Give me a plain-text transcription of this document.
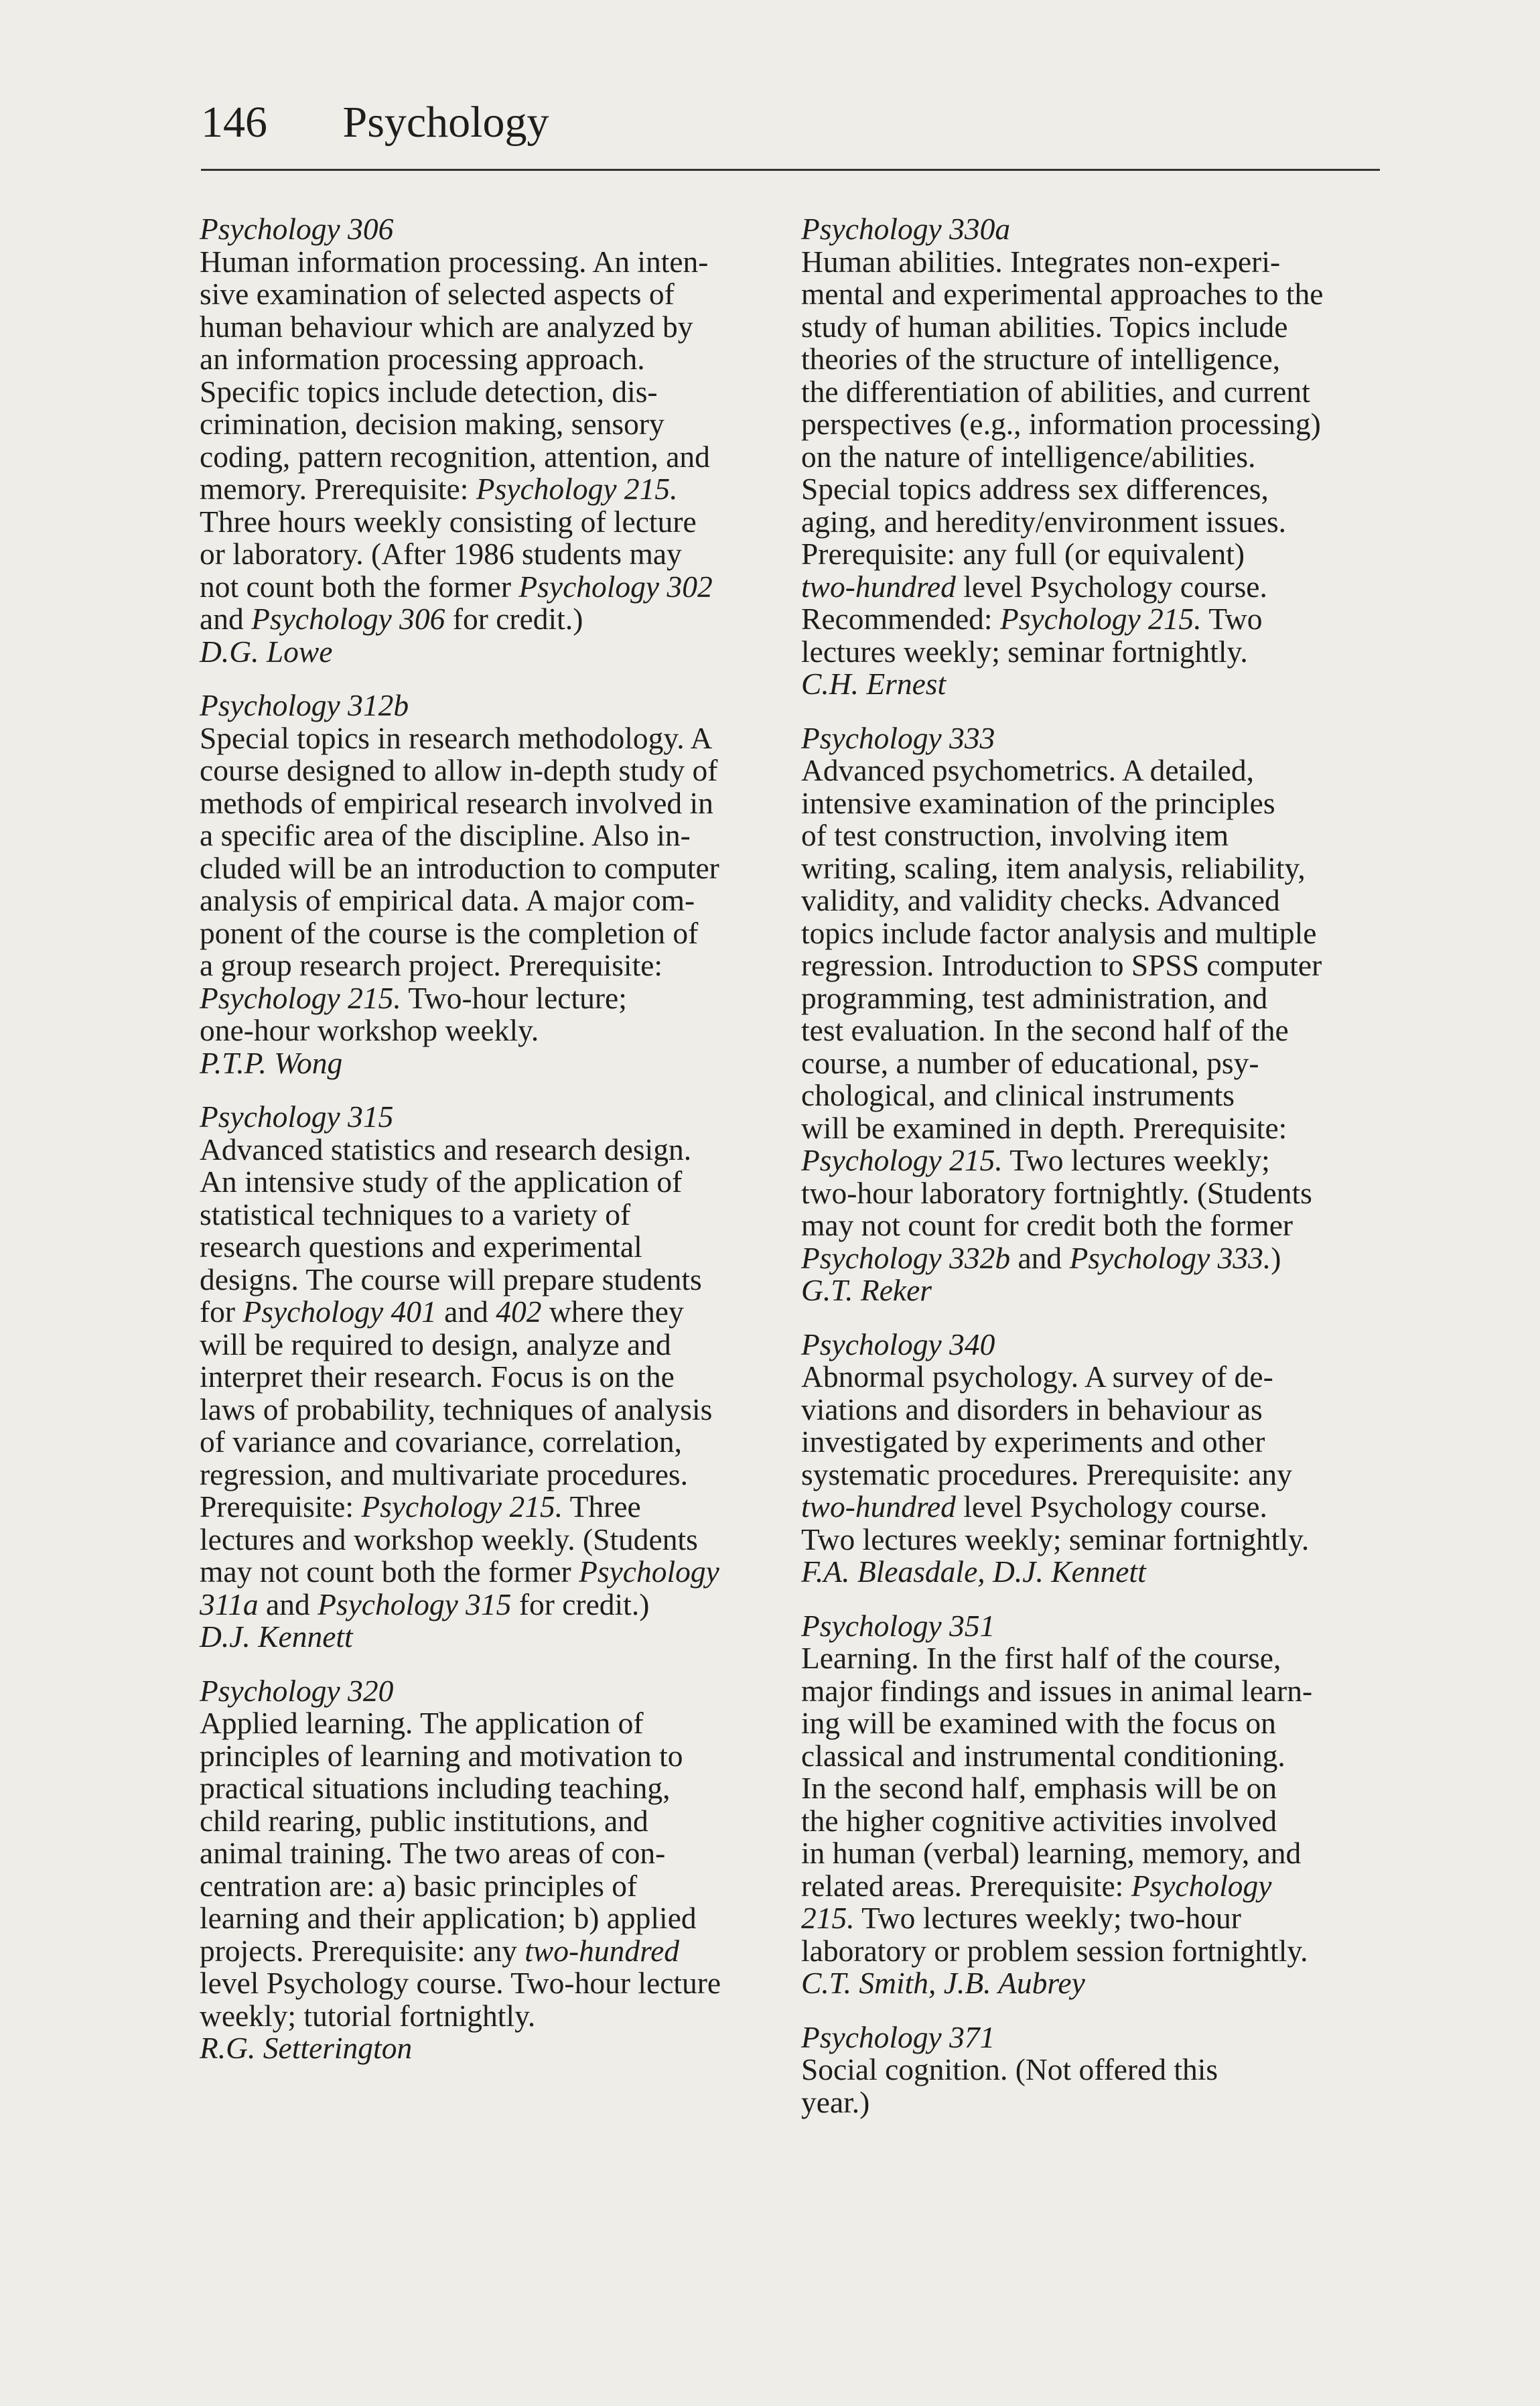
146 Psychology

Psychology 306

Human information processing. An inten-
sive examination of selected aspects of
human behaviour which are analyzed by
an information processing approach.
Specific topics include detection, dis-
crimination, decision making, sensory
coding, pattern recognition, attention, and
memory. Prerequisite: Psychology 215.
Three hours weekly consisting of lecture
or laboratory. (After 1986 students may
not count both the former Psychology 302
and Psychology 306 for credit.)

D.G. Lowe

Psychology 312b

Special topics in research methodology. A
course designed to allow in-depth study of
methods of empirical research involved in
a specific area of the discipline. Also in-
cluded will be an introduction to computer
analysis of empirical data. A major com-
ponent of the course is the completion of
a group research project. Prerequisite:
Psychology 215. Two-hour lecture;
one-hour workshop weekly.

P.T.P. Wong

Psychology 315

Advanced statistics and research design.
An intensive study of the application of
statistical techniques to a variety of
research questions and experimental
designs. The course will prepare students
for Psychology 401 and 402 where they
will be required to design, analyze and
interpret their research. Focus is on the
laws of probability, techniques of analysis
of variance and covariance, correlation,
regression, and multivariate procedures.
Prerequisite: Psychology 215. Three
lectures and workshop weekly. (Students
may not count both the former Psychology
311a and Psychology 315 for credit.)

D.J. Kennett

Psychology 320

Applied learning. The application of
principles of learning and motivation to
practical situations including teaching,
child rearing, public institutions, and
animal training. The two areas of con-
centration are: a) basic principles of
learning and their application; b) applied
projects. Prerequisite: any two-hundred
level Psychology course. Two-hour lecture
weekly; tutorial fortnightly.

R.G. Setterington

Psychology 330a

Human abilities. Integrates non-experi-
mental and experimental approaches to the
study of human abilities. Topics include
theories of the structure of intelligence,
the differentiation of abilities, and current
perspectives (e.g., information processing)
on the nature of intelligence/abilities.
Special topics address sex differences,
aging, and heredity/environment issues.
Prerequisite: any full (or equivalent)
two-hundred level Psychology course.
Recommended: Psychology 215. Two
lectures weekly; seminar fortnightly.

C.H. Ernest

Psychology 333

Advanced psychometrics. A detailed,
intensive examination of the principles
of test construction, involving item
writing, scaling, item analysis, reliability,
validity, and validity checks. Advanced
topics include factor analysis and multiple
regression. Introduction to SPSS computer
programming, test administration, and
test evaluation. In the second half of the
course, a number of educational, psy-
chological, and clinical instruments
will be examined in depth. Prerequisite:
Psychology 215. Two lectures weekly;
two-hour laboratory fortnightly. (Students
may not count for credit both the former
Psychology 332b and Psychology 333.)

G.T. Reker

Psychology 340

Abnormal psychology. A survey of de-
viations and disorders in behaviour as
investigated by experiments and other
systematic procedures. Prerequisite: any
two-hundred level Psychology course.
Two lectures weekly; seminar fortnightly.

F.A. Bleasdale, D.J. Kennett

Psychology 351

Learning. In the first half of the course,
major findings and issues in animal learn-
ing will be examined with the focus on
classical and instrumental conditioning.
In the second half, emphasis will be on
the higher cognitive activities involved
in human (verbal) learning, memory, and
related areas. Prerequisite: Psychology
215. Two lectures weekly; two-hour
laboratory or problem session fortnightly.

C.T. Smith, J.B. Aubrey

Psychology 371

Social cognition. (Not offered this
year.)
